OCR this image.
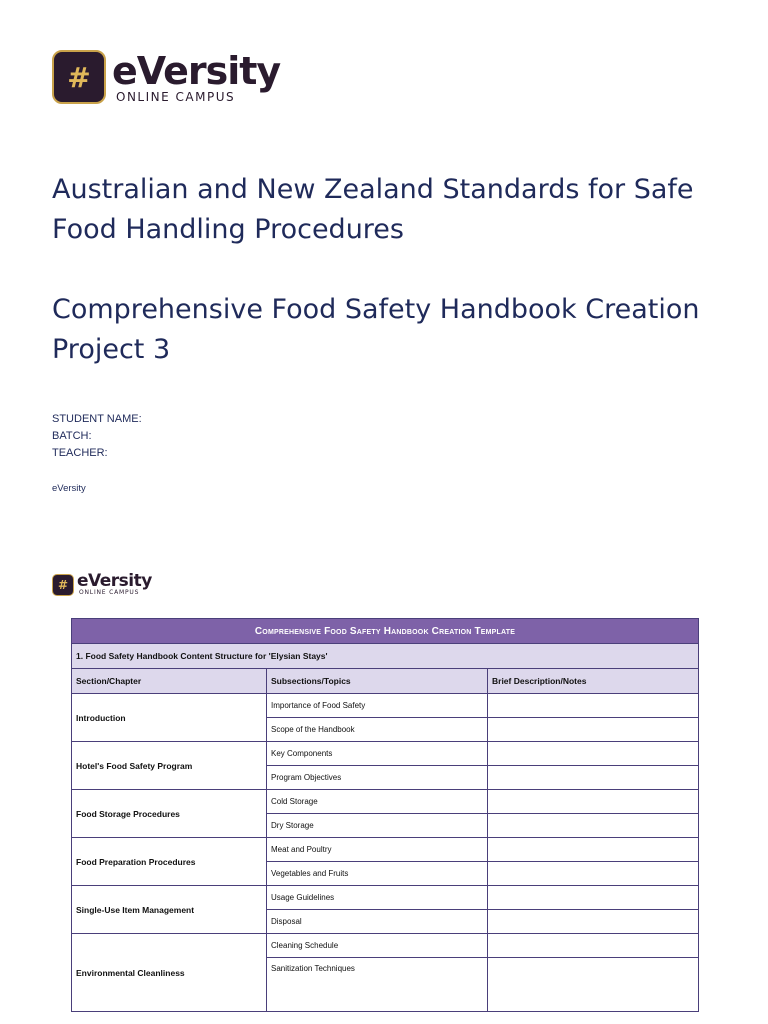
# eVersity
ONLINE CAMPUS
Australian and New Zealand Standards for Safe Food Handling Procedures
Comprehensive Food Safety Handbook Creation Project 3
STUDENT NAME:
BATCH:
TEACHER:
eVersity
# eVersity
ONLINE CAMPUS
Comprehensive Food Safety Handbook Creation Template		
1. Food Safety Handbook Content Structure for 'Elysian Stays'		
Section/Chapter	Subsections/Topics	Brief Description/Notes
Introduction	Importance of Food Safety	
	Scope of the Handbook	
Hotel's Food Safety Program	Key Components	
	Program Objectives	
Food Storage Procedures	Cold Storage	
	Dry Storage	
Food Preparation Procedures	Meat and Poultry	
	Vegetables and Fruits	
Single-Use Item Management	Usage Guidelines	
	Disposal	
Environmental Cleanliness	Cleaning Schedule	
	Sanitization Techniques	
